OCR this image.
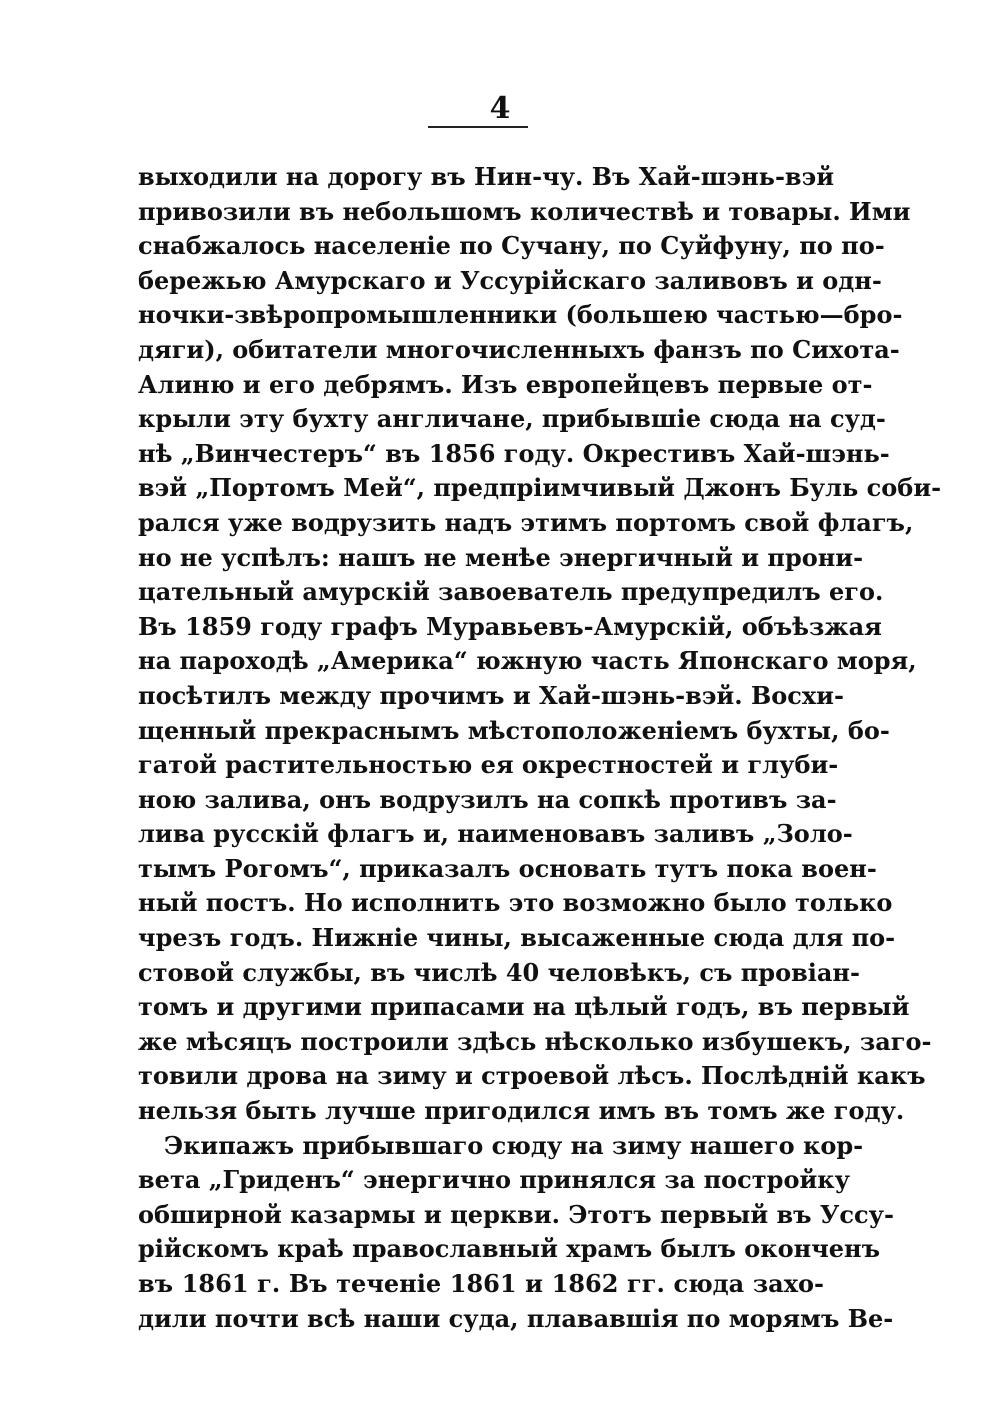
4
выходили на дорогу въ Нин-чу. Въ Хай-шэнь-вэй
привозили въ небольшомъ количествѣ и товары. Ими
снабжалось населенiе по Сучану, по Суйфуну, по по-
бережью Амурскаго и Уссурiйскаго заливовъ и одн-
ночки-звѣропромышленники (большею частью—бро-
дяги), обитатели многочисленныхъ фанзъ по Сихота-
Алиню и его дебрямъ. Изъ европейцевъ первые от-
крыли эту бухту англичане, прибывшiе сюда на суд-
нѣ „Винчестеръ“ въ 1856 году. Окрестивъ Хай-шэнь-
вэй „Портомъ Мей“, предпрiимчивый Джонъ Буль соби-
рался уже водрузить надъ этимъ портомъ свой флагъ,
но не успѣлъ: нашъ не менѣе энергичный и прони-
цательный амурскiй завоеватель предупредилъ его.
Въ 1859 году графъ Муравьевъ-Амурскiй, объѣзжая
на пароходѣ „Америка“ южную часть Японскаго моря,
посѣтилъ между прочимъ и Хай-шэнь-вэй. Восхи-
щенный прекраснымъ мѣстоположенiемъ бухты, бо-
гатой растительностью ея окрестностей и глуби-
ною залива, онъ водрузилъ на сопкѣ противъ за-
лива русскiй флагъ и, наименовавъ заливъ „Золо-
тымъ Рогомъ“, приказалъ основать тутъ пока воен-
ный постъ. Но исполнить это возможно было только
чрезъ годъ. Нижнiе чины, высаженные сюда для по-
стовой службы, въ числѣ 40 человѣкъ, съ провiан-
томъ и другими припасами на цѣлый годъ, въ первый
же мѣсяцъ построили здѣсь нѣсколько избушекъ, заго-
товили дрова на зиму и строевой лѣсъ. Послѣднiй какъ
нельзя быть лучше пригодился имъ въ томъ же году.
Экипажъ прибывшаго сюду на зиму нашего кор-
вета „Гриденъ“ энергично принялся за постройку
обширной казармы и церкви. Этотъ первый въ Уссу-
рiйскомъ краѣ православный храмъ былъ оконченъ
въ 1861 г. Въ теченiе 1861 и 1862 гг. сюда захо-
дили почти всѣ наши суда, плававшiя по морямъ Ве-
